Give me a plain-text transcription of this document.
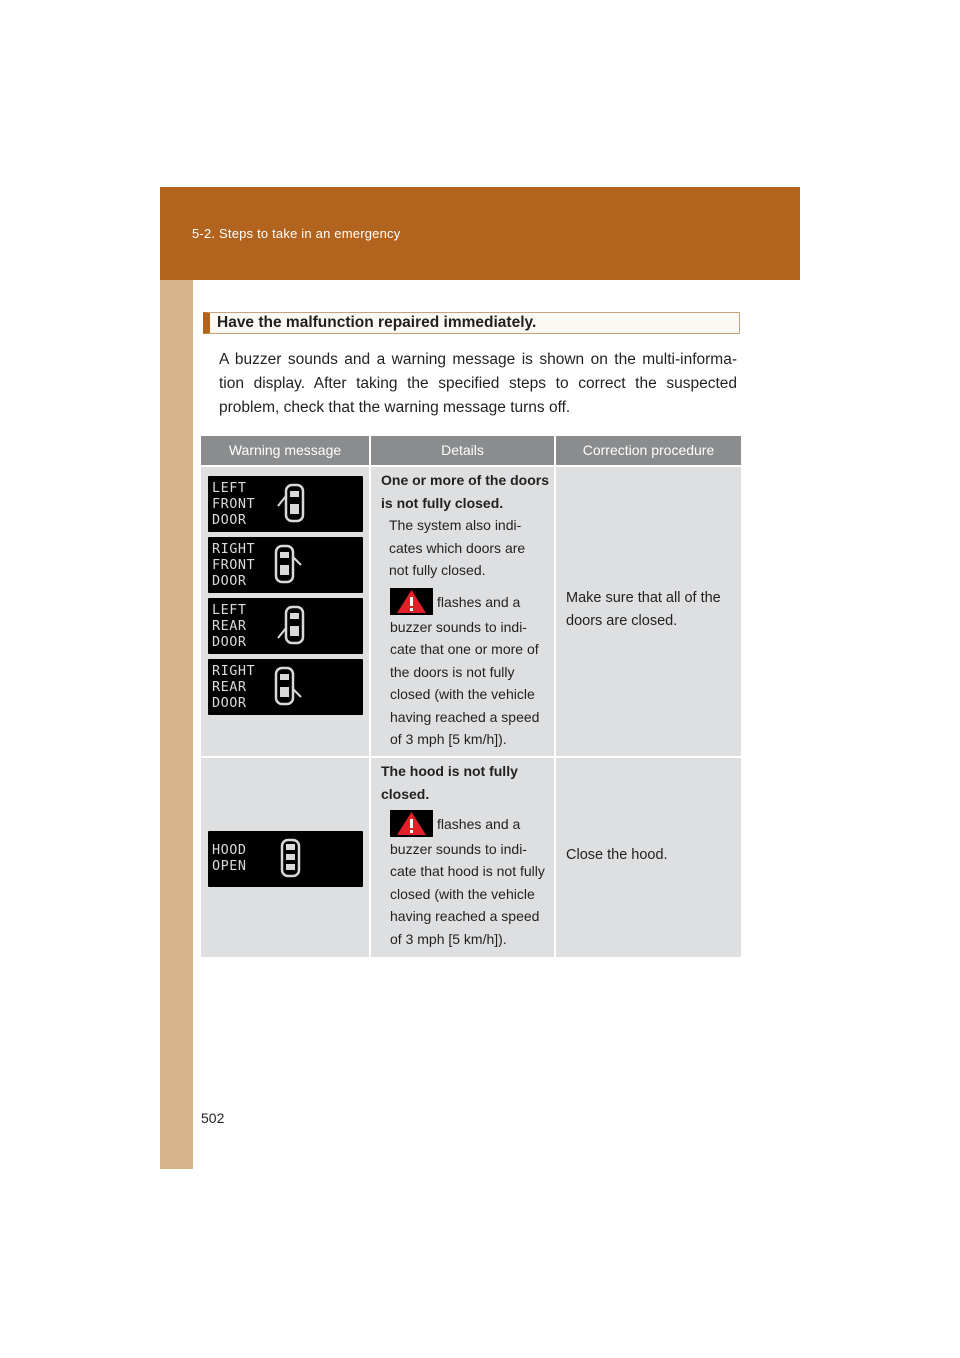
5-2. Steps to take in an emergency
502
Have the malfunction repaired immediately.
A buzzer sounds and a warning message is shown on the multi-informa-tion display. After taking the specified steps to correct the suspected problem, check that the warning message turns off.
Warning message	Details	Correction procedure
LEFT
FRONT
DOOR
RIGHT
FRONT
DOOR
LEFT
REAR
DOOR
RIGHT
REAR
DOOR
One or more of the doors
is not fully closed.
The system also indi-
cates which doors are
not fully closed.
flashes and a
buzzer sounds to indi-
cate that one or more of
the doors is not fully
closed (with the vehicle
having reached a speed
of 3 mph [5 km/h]).
Make sure that all of the
doors are closed.
HOOD
OPEN
The hood is not fully
closed.
flashes and a
buzzer sounds to indi-
cate that hood is not fully
closed (with the vehicle
having reached a speed
of 3 mph [5 km/h]).
Close the hood.
